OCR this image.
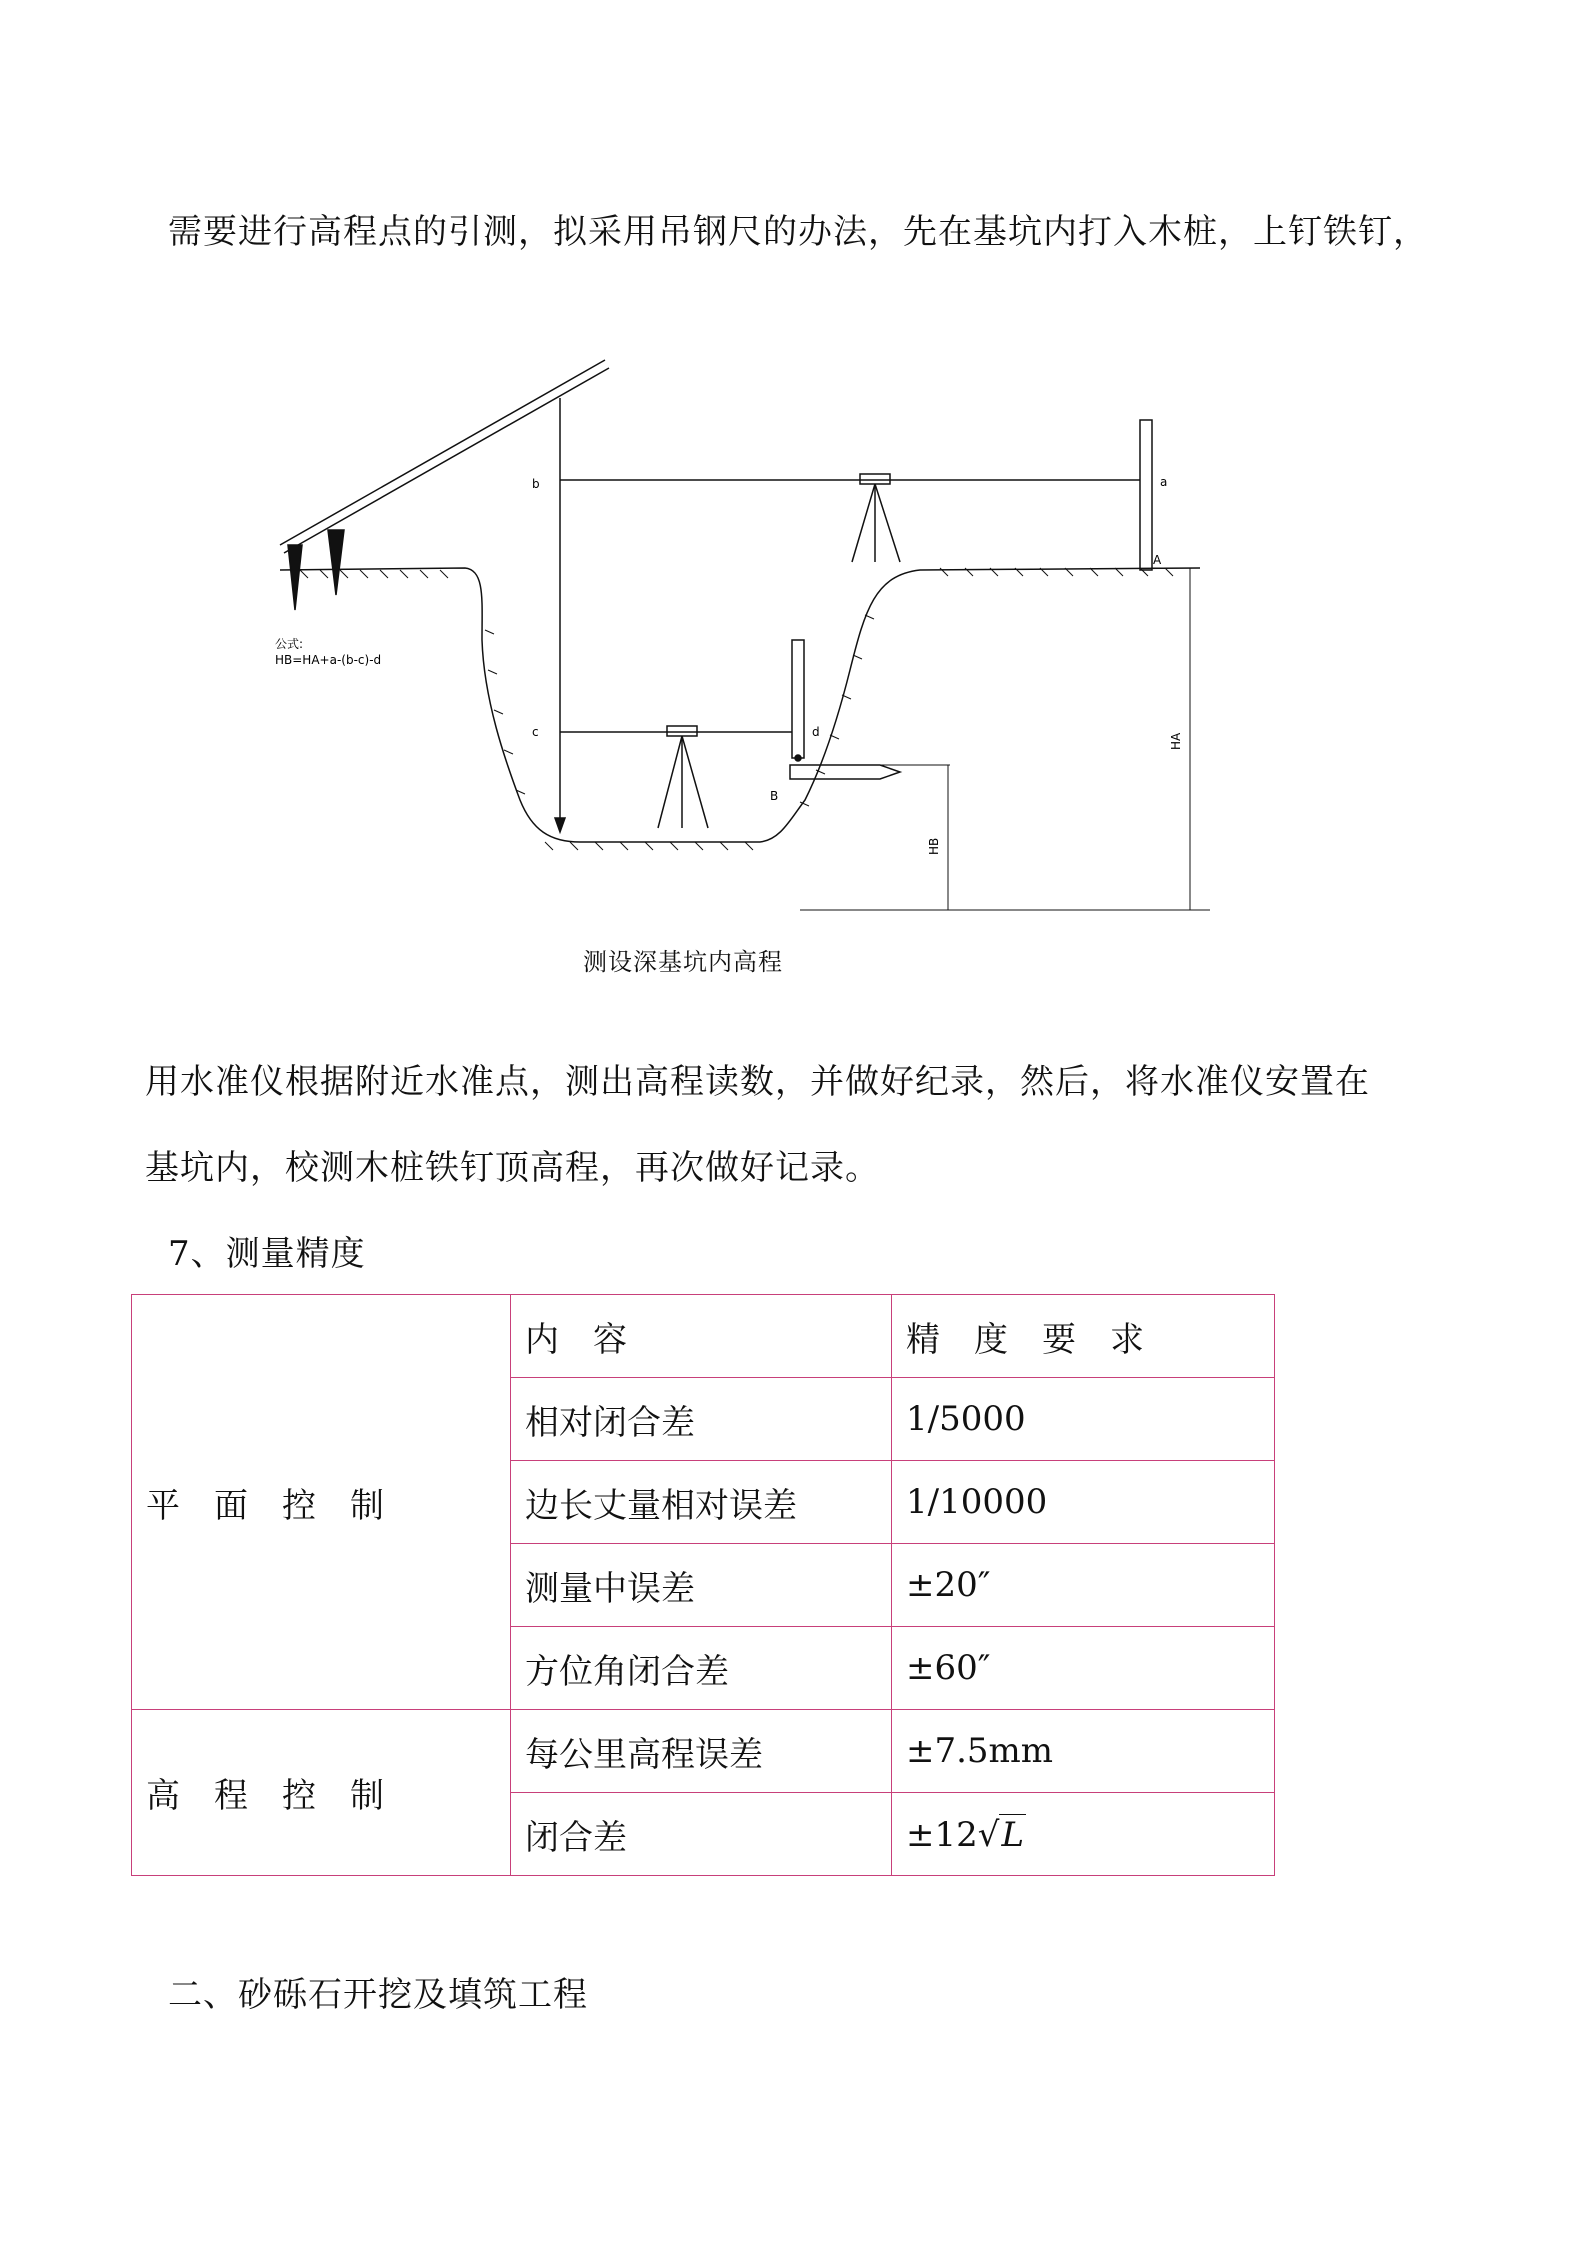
需要进行高程点的引测，拟采用吊钢尺的办法，先在基坑内打入木桩，上钉铁钉，
b
c
a
d
A
B
HA
HB
公式:
HB=HA+a-(b-c)-d
测设深基坑内高程
用水准仪根据附近水准点，测出高程读数，并做好纪录，然后，将水准仪安置在
基坑内，校测木桩铁钉顶高程，再次做好记录。
7、测量精度
平　面　控　制	内　容	精　度　要　求
	相对闭合差	1/5000
	边长丈量相对误差	1/10000
	测量中误差	±20″
	方位角闭合差	±60″
高　程　控　制	每公里高程误差	±7.5mm
	闭合差	±12√L
二、砂砾石开挖及填筑工程
